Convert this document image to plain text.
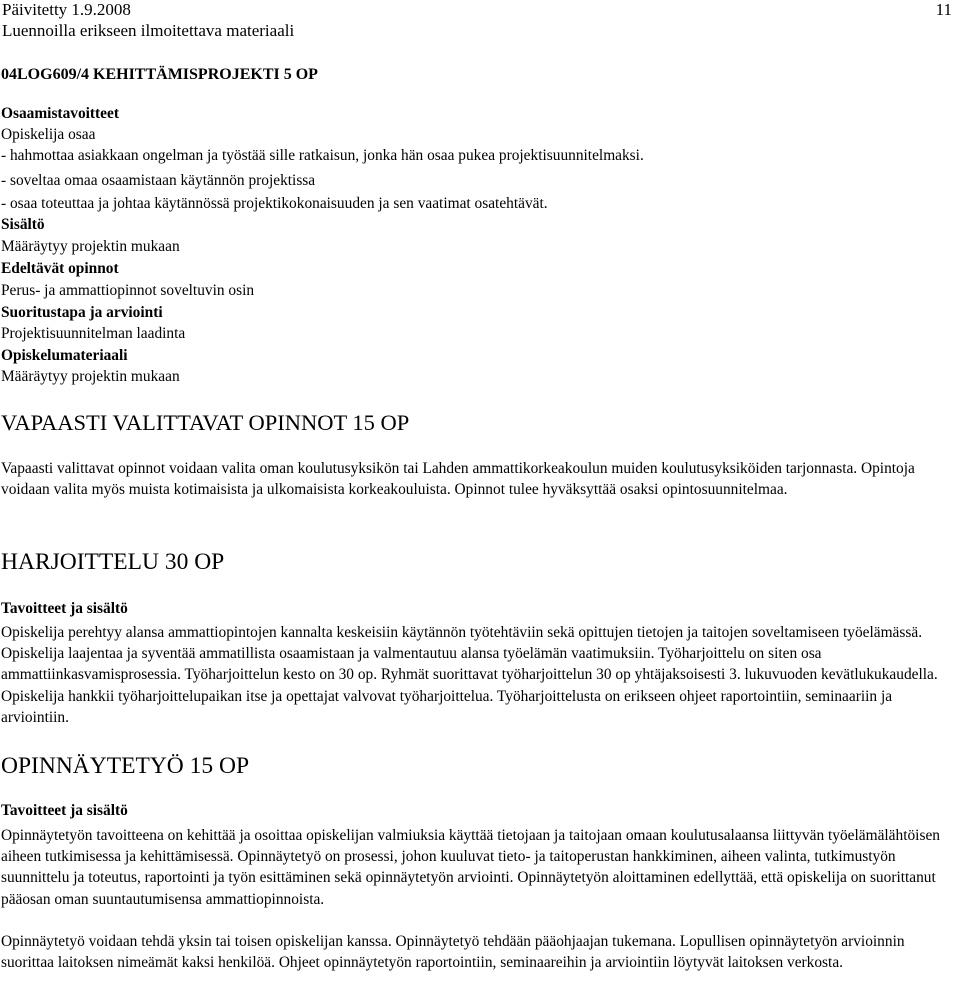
Päivitetty 1.9.2008
Luennoilla erikseen ilmoitettava materiaali
11
04LOG609/4 KEHITTÄMISPROJEKTI 5 OP
Osaamistavoitteet
Opiskelija osaa
- hahmottaa asiakkaan ongelman ja työstää sille ratkaisun, jonka hän osaa pukea projektisuunnitelmaksi.
- soveltaa omaa osaamistaan käytännön projektissa
- osaa toteuttaa ja johtaa käytännössä projektikokonaisuuden ja sen vaatimat osatehtävät.
Sisältö
Määräytyy projektin mukaan
Edeltävät opinnot
Perus- ja ammattiopinnot soveltuvin osin
Suoritustapa ja arviointi
Projektisuunnitelman laadinta
Opiskelumateriaali
Määräytyy projektin mukaan
VAPAASTI VALITTAVAT OPINNOT 15 OP
Vapaasti valittavat opinnot voidaan valita oman koulutusyksikön tai Lahden ammattikorkeakoulun muiden koulutusyksiköiden tarjonnasta. Opintoja voidaan valita myös muista kotimaisista ja ulkomaisista korkeakouluista. Opinnot tulee hyväksyttää osaksi opintosuunnitelmaa.
HARJOITTELU 30 OP
Tavoitteet ja sisältö
Opiskelija perehtyy alansa ammattiopintojen kannalta keskeisiin käytännön työtehtäviin sekä opittujen tietojen ja taitojen soveltamiseen työelämässä. Opiskelija laajentaa ja syventää ammatillista osaamistaan ja valmentautuu alansa työelämän vaatimuksiin. Työharjoittelu on siten osa ammattiinkasvamisprosessia. Työharjoittelun kesto on 30 op. Ryhmät suorittavat työharjoittelun 30 op yhtäjaksoisesti 3. lukuvuoden kevätlukukaudella. Opiskelija hankkii työharjoittelupaikan itse ja opettajat valvovat työharjoittelua. Työharjoittelusta on erikseen ohjeet raportointiin, seminaariin ja arviointiin.
OPINNÄYTETYÖ 15 OP
Tavoitteet ja sisältö
Opinnäytetyön tavoitteena on kehittää ja osoittaa opiskelijan valmiuksia käyttää tietojaan ja taitojaan omaan koulutusalaansa liittyvän työelämälähtöisen aiheen tutkimisessa ja kehittämisessä. Opinnäytetyö on prosessi, johon kuuluvat tieto- ja taitoperustan hankkiminen, aiheen valinta, tutkimustyön suunnittelu ja toteutus, raportointi ja työn esittäminen sekä opinnäytetyön arviointi. Opinnäytetyön aloittaminen edellyttää, että opiskelija on suorittanut pääosan oman suuntautumisensa ammattiopinnoista.
Opinnäytetyö voidaan tehdä yksin tai toisen opiskelijan kanssa. Opinnäytetyö tehdään pääohjaajan tukemana. Lopullisen opinnäytetyön arvioinnin suorittaa laitoksen nimeämät kaksi henkilöä. Ohjeet opinnäytetyön raportointiin, seminaareihin ja arviointiin löytyvät laitoksen verkosta.
